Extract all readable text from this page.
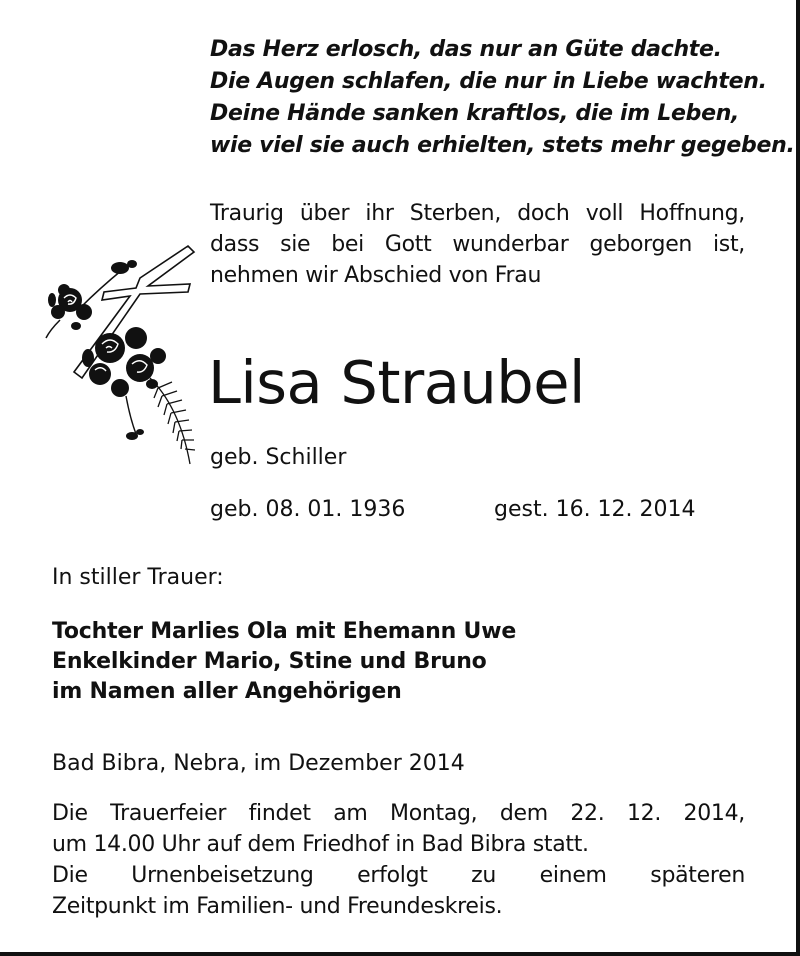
Das Herz erlosch, das nur an Güte dachte.
Die Augen schlafen, die nur in Liebe wachten.
Deine Hände sanken kraftlos, die im Leben,
wie viel sie auch erhielten, stets mehr gegeben.
Traurig über ihr Sterben, doch voll Hoffnung,
dass sie bei Gott wunderbar geborgen ist,
nehmen wir Abschied von Frau
Lisa Straubel
geb. Schiller
geb. 08. 01. 1936	gest. 16. 12. 2014
In stiller Trauer:
Tochter Marlies Ola mit Ehemann Uwe
Enkelkinder Mario, Stine und Bruno
im Namen aller Angehörigen
Bad Bibra, Nebra, im Dezember 2014
Die Trauerfeier findet am Montag, dem 22. 12. 2014,
um 14.00 Uhr auf dem Friedhof in Bad Bibra statt.
Die Urnenbeisetzung erfolgt zu einem späteren
Zeitpunkt im Familien- und Freundeskreis.
